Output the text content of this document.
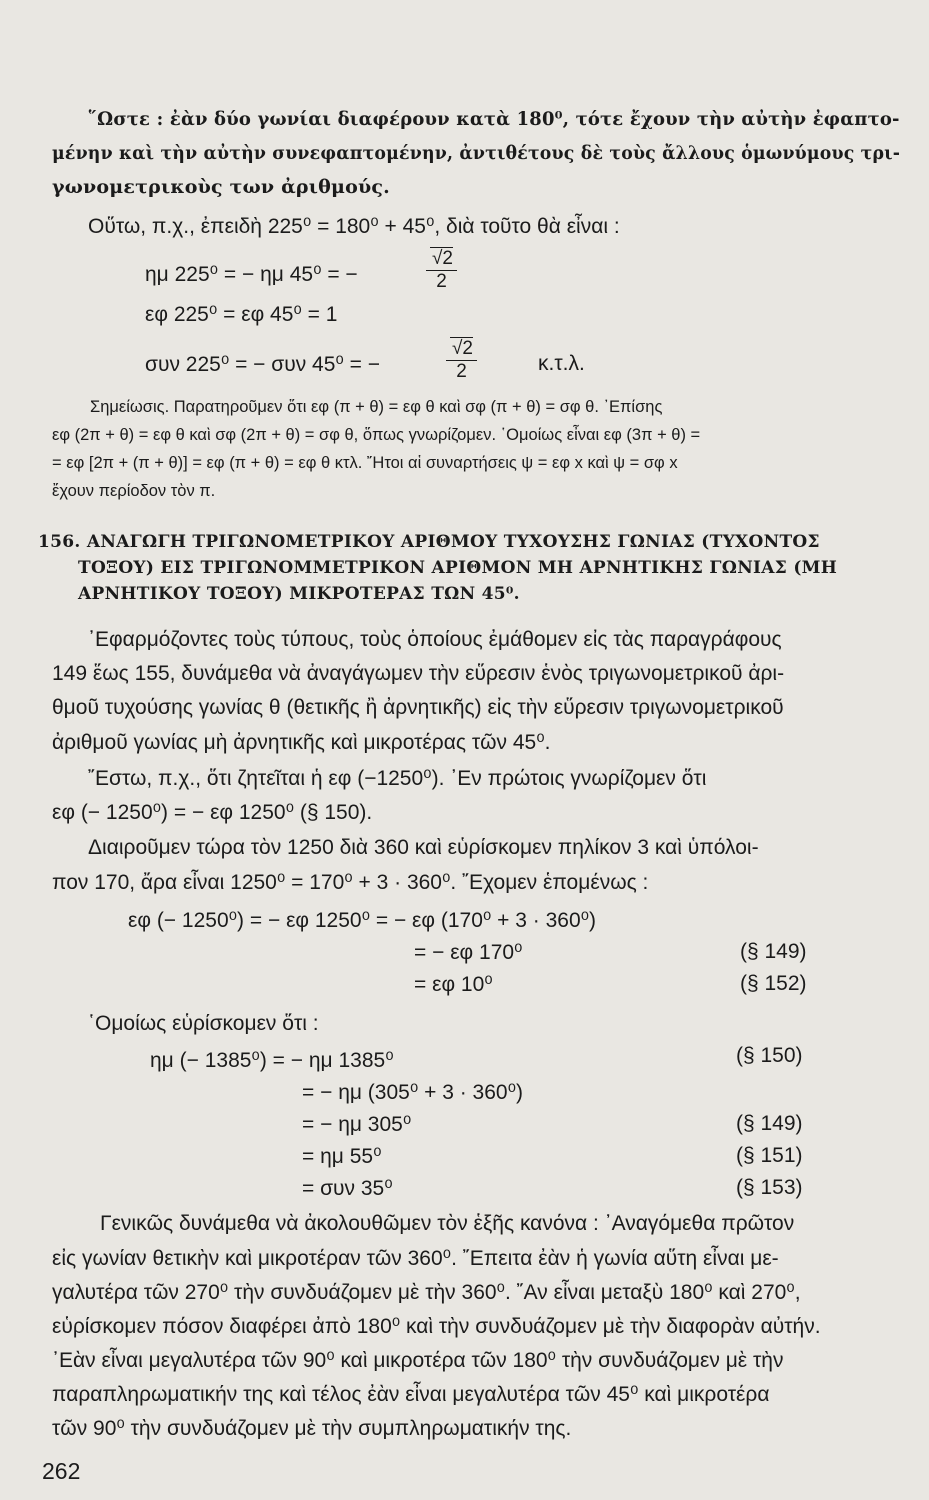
῞Ωστε : ἐὰν δύο γωνίαι διαφέρουν κατὰ 180⁰, τότε ἔχουν τὴν αὐτὴν ἐφαπτο-
μένην καὶ τὴν αὐτὴν συνεφαπτομένην, ἀντιθέτους δὲ τοὺς ἄλλους ὁμωνύμους τρι-
γωνομετρικοὺς των ἀριθμούς.
Οὕτω, π.χ., ἐπειδὴ 225⁰ = 180⁰ + 45⁰, διὰ τοῦτο θὰ εἶναι :
ημ 225⁰ = − ημ 45⁰ = −	$\frac{√2}{2}$
εφ 225⁰ = εφ 45⁰ = 1
συν 225⁰ = − συν 45⁰ = −	$\frac{√2}{2}$	κ.τ.λ.
Σημείωσις. Παρατηροῦμεν ὅτι εφ (π + θ) = εφ θ καὶ σφ (π + θ) = σφ θ. ᾽Επίσης
εφ (2π + θ) = εφ θ καὶ σφ (2π + θ) = σφ θ, ὅπως γνωρίζομεν. ῾Ομοίως εἶναι εφ (3π + θ) =
= εφ [2π + (π + θ)] = εφ (π + θ) = εφ θ κτλ. ῎Ητοι αἱ συναρτήσεις ψ = εφ x καὶ ψ = σφ x
ἔχουν περίοδον τὸν π.
156. ΑΝΑΓΩΓΗ ΤΡΙΓΩΝΟΜΕΤΡΙΚΟΥ ΑΡΙΘΜΟΥ ΤΥΧΟΥΣΗΣ ΓΩΝΙΑΣ (ΤΥΧΟΝΤΟΣ
ΤΟΞΟΥ) ΕΙΣ ΤΡΙΓΩΝΟΜΜΕΤΡΙΚΟΝ ΑΡΙΘΜΟΝ ΜΗ ΑΡΝΗΤΙΚΗΣ ΓΩΝΙΑΣ (ΜΗ
ΑΡΝΗΤΙΚΟΥ ΤΟΞΟΥ) ΜΙΚΡΟΤΕΡΑΣ ΤΩΝ 45⁰.
᾽Εφαρμόζοντες τοὺς τύπους, τοὺς ὁποίους ἐμάθομεν εἰς τὰς παραγράφους
149 ἕως 155, δυνάμεθα νὰ ἀναγάγωμεν τὴν εὕρεσιν ἑνὸς τριγωνομετρικοῦ ἀρι-
θμοῦ τυχούσης γωνίας θ (θετικῆς ἢ ἀρνητικῆς) εἰς τὴν εὕρεσιν τριγωνομετρικοῦ
ἀριθμοῦ γωνίας μὴ ἀρνητικῆς καὶ μικροτέρας τῶν 45⁰.
῎Εστω, π.χ., ὅτι ζητεῖται ἡ εφ (−1250⁰). ᾽Εν πρώτοις γνωρίζομεν ὅτι
εφ (− 1250⁰) = − εφ 1250⁰ (§ 150).
Διαιροῦμεν τώρα τὸν 1250 διὰ 360 καὶ εὑρίσκομεν πηλίκον 3 καὶ ὑπόλοι-
πον 170, ἄρα εἶναι 1250⁰ = 170⁰ + 3 · 360⁰. ῎Εχομεν ἑπομένως :
εφ (− 1250⁰) = − εφ 1250⁰ = − εφ (170⁰ + 3 · 360⁰)
= − εφ 170⁰	(§ 149)
= εφ 10⁰	(§ 152)
῾Ομοίως εὑρίσκομεν ὅτι :
ημ (− 1385⁰) = − ημ 1385⁰	(§ 150)
= − ημ (305⁰ + 3 · 360⁰)
= − ημ 305⁰	(§ 149)
= ημ 55⁰	(§ 151)
= συν 35⁰	(§ 153)
Γενικῶς δυνάμεθα νὰ ἀκολουθῶμεν τὸν ἑξῆς κανόνα : ᾽Αναγόμεθα πρῶτον
εἰς γωνίαν θετικὴν καὶ μικροτέραν τῶν 360⁰. ῎Επειτα ἐὰν ἡ γωνία αὕτη εἶναι με-
γαλυτέρα τῶν 270⁰ τὴν συνδυάζομεν μὲ τὴν 360⁰. ῎Αν εἶναι μεταξὺ 180⁰ καὶ 270⁰,
εὑρίσκομεν πόσον διαφέρει ἀπὸ 180⁰ καὶ τὴν συνδυάζομεν μὲ τὴν διαφορὰν αὐτήν.
᾽Εὰν εἶναι μεγαλυτέρα τῶν 90⁰ καὶ μικροτέρα τῶν 180⁰ τὴν συνδυάζομεν μὲ τὴν
παραπληρωματικήν της καὶ τέλος ἐὰν εἶναι μεγαλυτέρα τῶν 45⁰ καὶ μικροτέρα
τῶν 90⁰ τὴν συνδυάζομεν μὲ τὴν συμπληρωματικήν της.
262
